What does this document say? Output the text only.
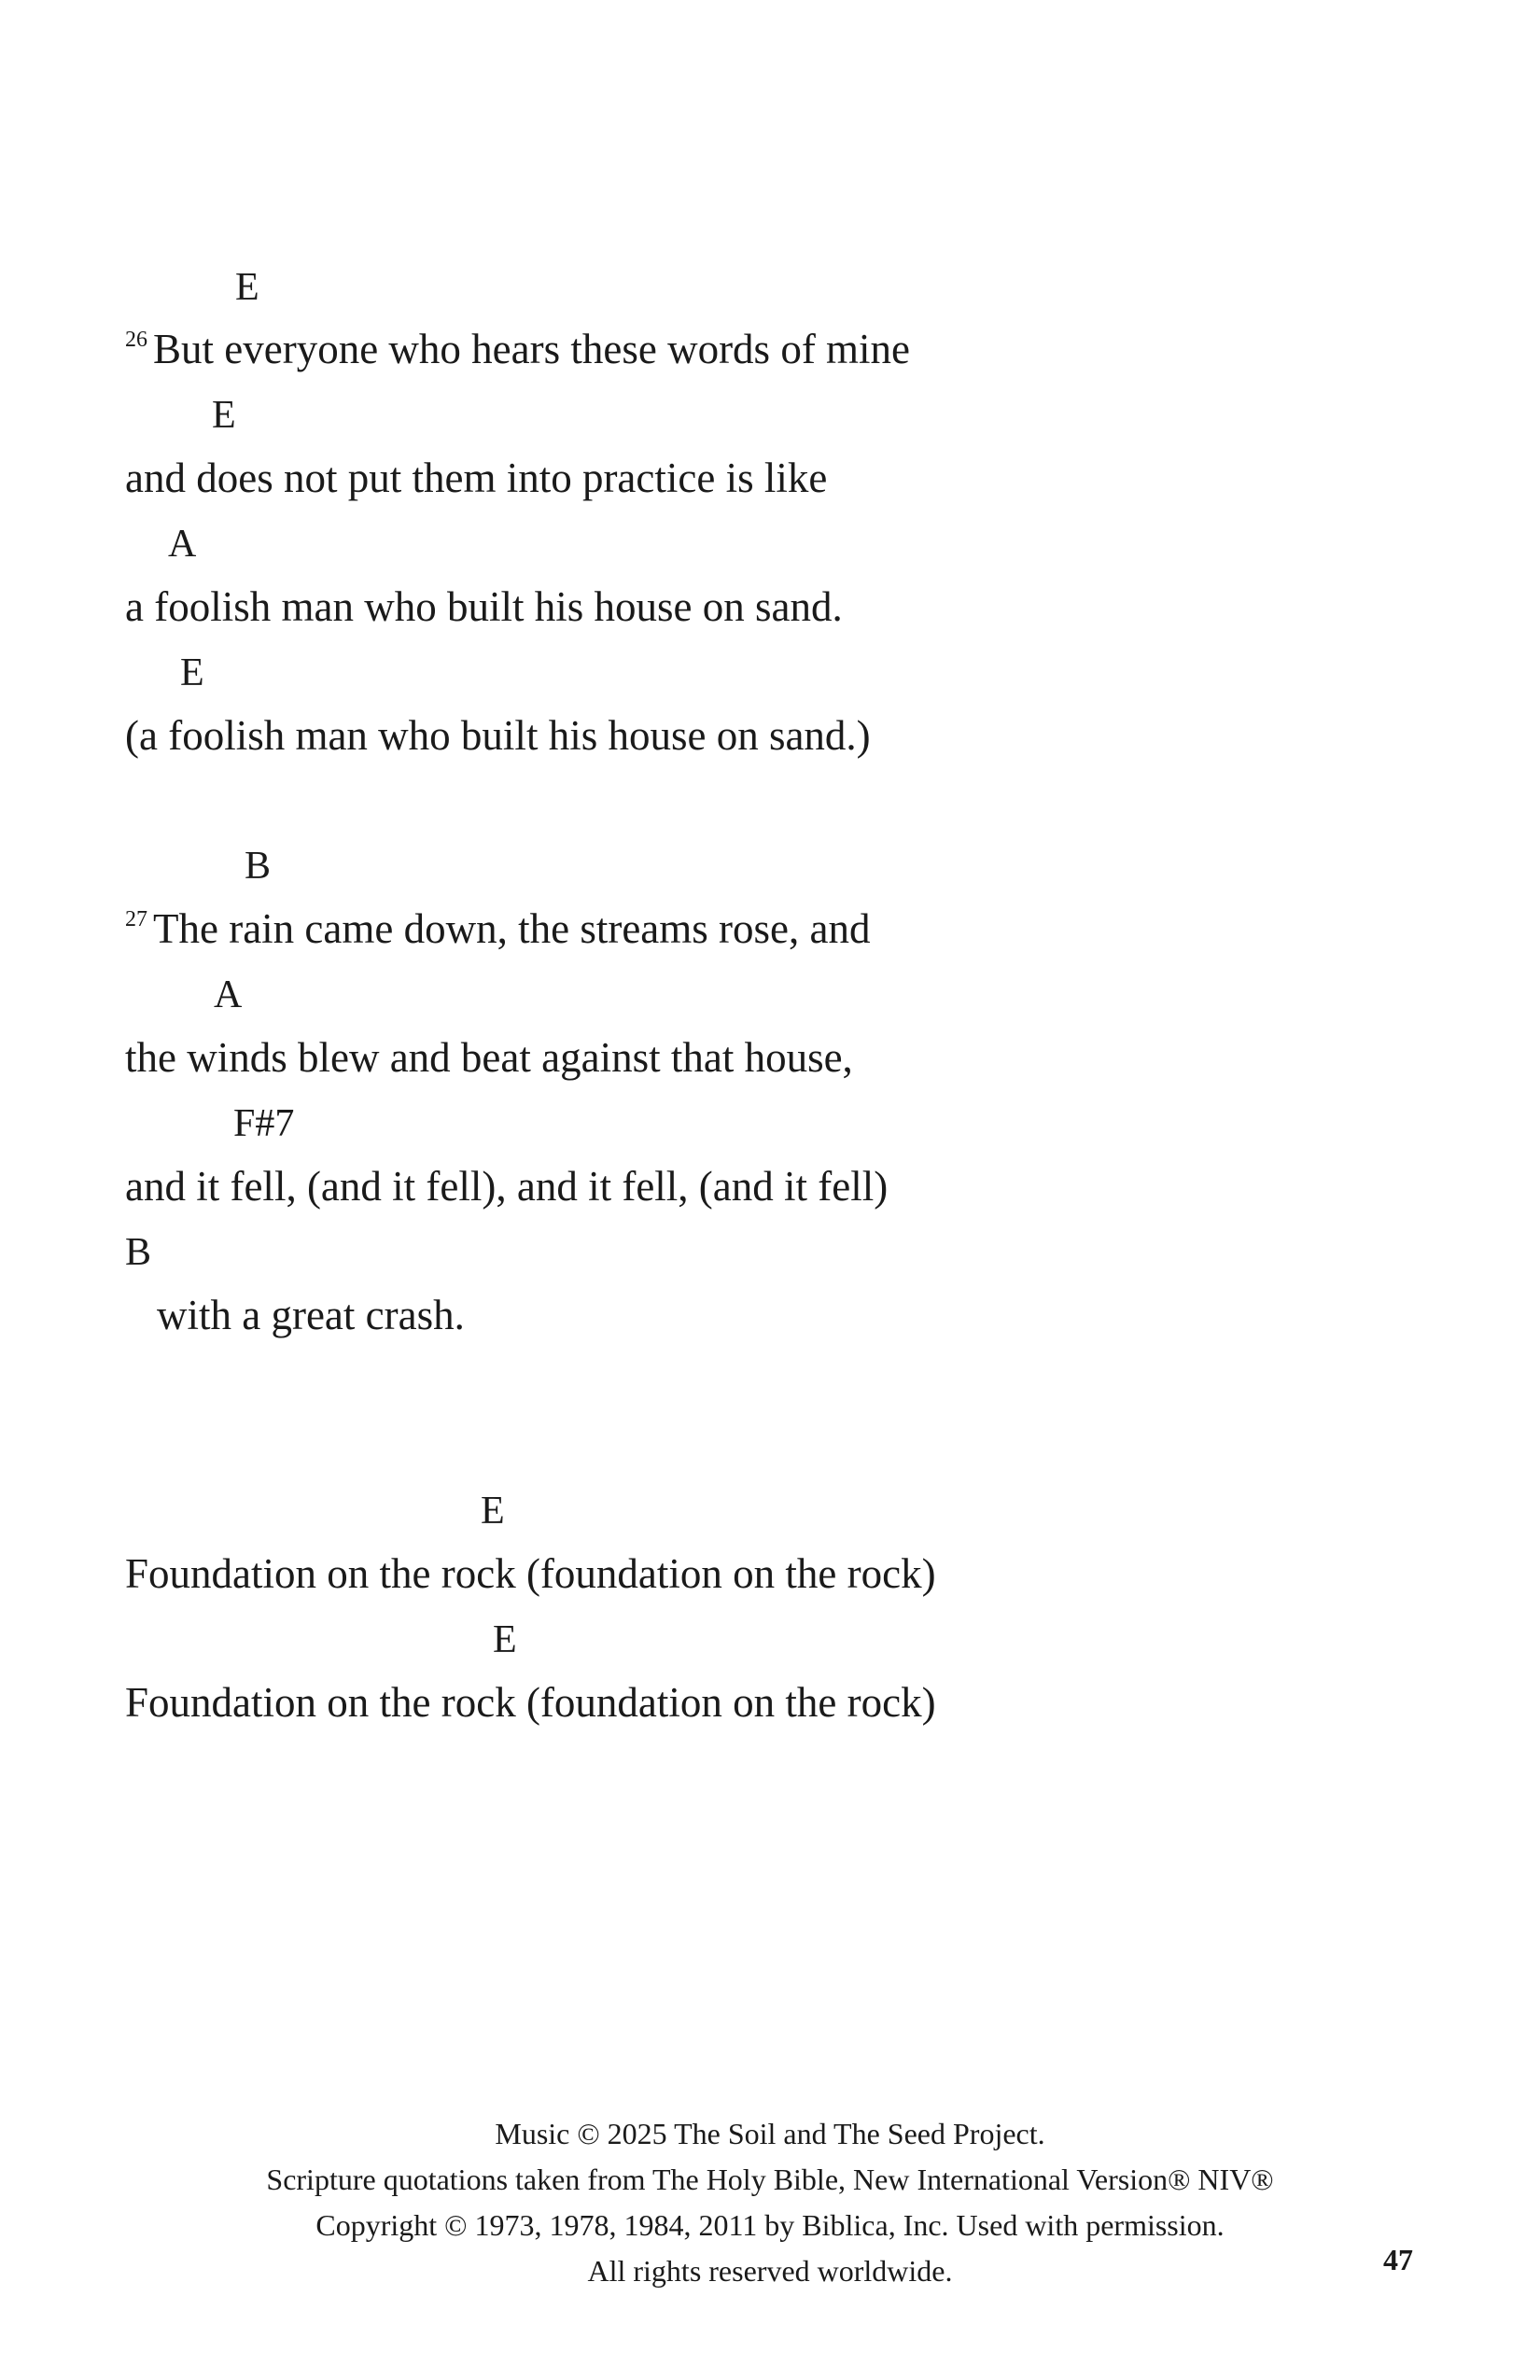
E
$^{26}$ But everyone who hears these words of mine
E
and does not put them into practice is like
A
a foolish man who built his house on sand.
E
(a foolish man who built his house on sand.)
B
$^{27}$ The rain came down, the streams rose, and
A
the winds blew and beat against that house,
F#7
and it fell, (and it fell), and it fell, (and it fell)
B
with a great crash.
E
Foundation on the rock (foundation on the rock)
E
Foundation on the rock (foundation on the rock)
Music © 2025 The Soil and The Seed Project.
Scripture quotations taken from The Holy Bible, New International Version® NIV®
Copyright © 1973, 1978, 1984, 2011 by Biblica, Inc. Used with permission.
All rights reserved worldwide.	47
